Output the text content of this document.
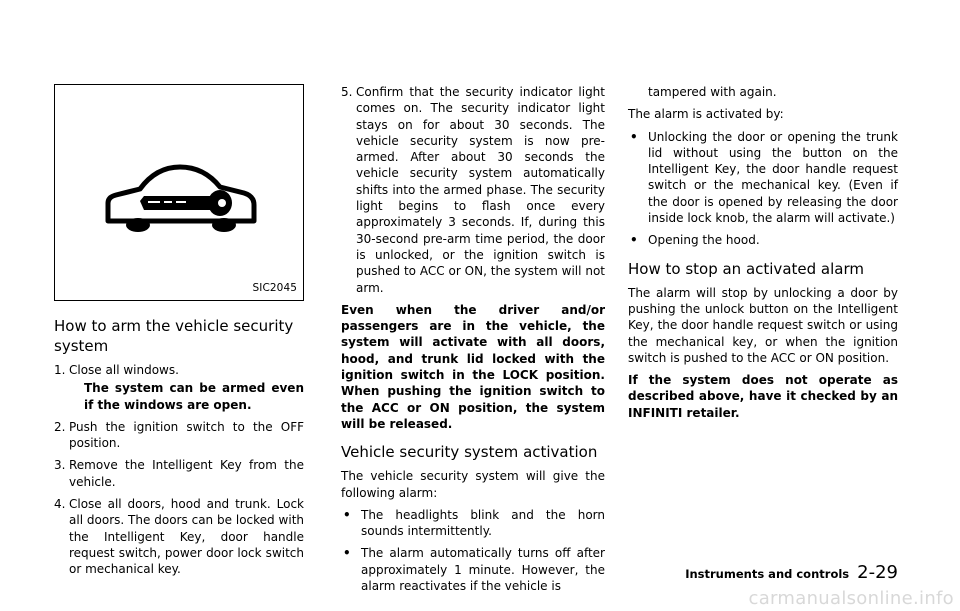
SIC2045
How to arm the vehicle security system
1. Close all windows.
The system can be armed even if the windows are open.
2. Push the ignition switch to the OFF position.
3. Remove the Intelligent Key from the vehicle.
4. Close all doors, hood and trunk. Lock all doors. The doors can be locked with the Intelligent Key, door handle request switch, power door lock switch or mechanical key.
5. Confirm that the security indicator light comes on. The security indicator light stays on for about 30 seconds. The vehicle security system is now pre-armed. After about 30 seconds the vehicle security system automatically shifts into the armed phase. The security light begins to flash once every approximately 3 seconds. If, during this 30-second pre-arm time period, the door is unlocked, or the ignition switch is pushed to ACC or ON, the system will not arm.

Even when the driver and/or passengers are in the vehicle, the system will activate with all doors, hood, and trunk lid locked with the ignition switch in the LOCK position. When pushing the ignition switch to the ACC or ON position, the system will be released.

Vehicle security system activation

The vehicle security system will give the following alarm:

• The headlights blink and the horn sounds intermittently.
• The alarm automatically turns off after approximately 1 minute. However, the alarm reactivates if the vehicle is

tampered with again.

The alarm is activated by:

• Unlocking the door or opening the trunk lid without using the button on the Intelligent Key, the door handle request switch or the mechanical key. (Even if the door is opened by releasing the door inside lock knob, the alarm will activate.)
• Opening the hood.
How to stop an activated alarm

The alarm will stop by unlocking a door by pushing the unlock button on the Intelligent Key, the door handle request switch or using the mechanical key, or when the ignition switch is pushed to the ACC or ON position.

If the system does not operate as described above, have it checked by an INFINITI retailer.

Instruments and controls 2-29
carmanualsonline.info
